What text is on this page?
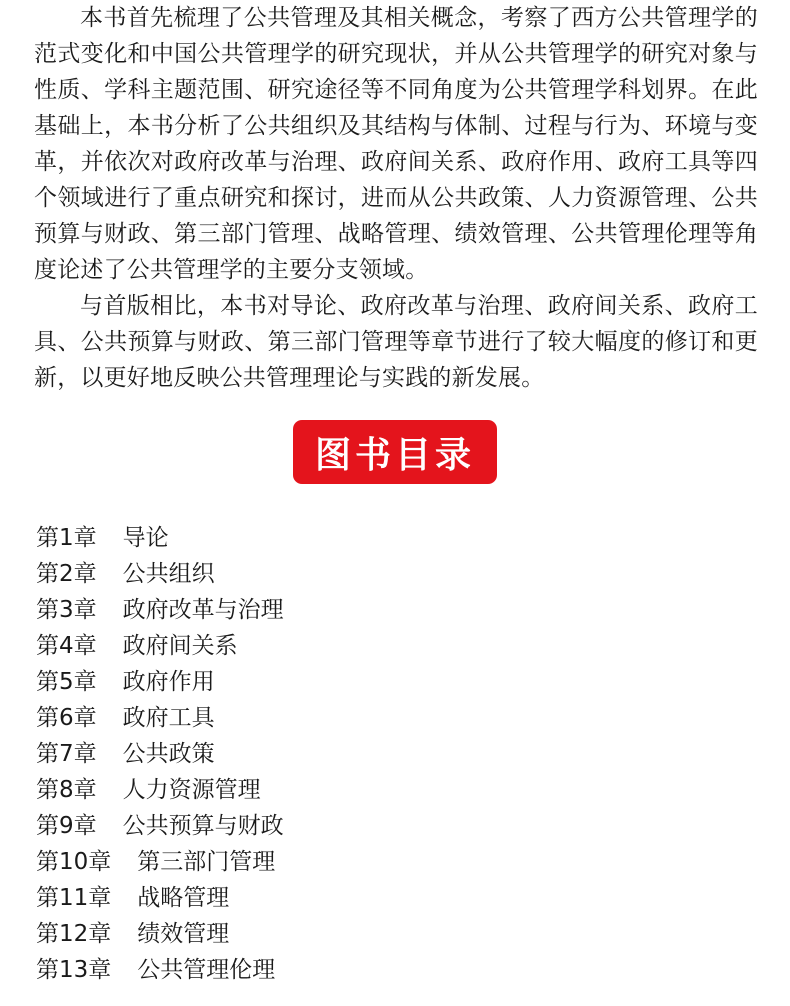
本书首先梳理了公共管理及其相关概念，考察了西方公共管理学的范式变化和中国公共管理学的研究现状，并从公共管理学的研究对象与性质、学科主题范围、研究途径等不同角度为公共管理学科划界。在此基础上，本书分析了公共组织及其结构与体制、过程与行为、环境与变革，并依次对政府改革与治理、政府间关系、政府作用、政府工具等四个领域进行了重点研究和探讨，进而从公共政策、人力资源管理、公共预算与财政、第三部门管理、战略管理、绩效管理、公共管理伦理等角度论述了公共管理学的主要分支领域。

与首版相比，本书对导论、政府改革与治理、政府间关系、政府工具、公共预算与财政、第三部门管理等章节进行了较大幅度的修订和更新，以更好地反映公共管理理论与实践的新发展。

图书目录
第1章 导论
第2章 公共组织
第3章 政府改革与治理
第4章 政府间关系
第5章 政府作用
第6章 政府工具
第7章 公共政策
第8章 人力资源管理
第9章 公共预算与财政
第10章 第三部门管理
第11章 战略管理
第12章 绩效管理
第13章 公共管理伦理
